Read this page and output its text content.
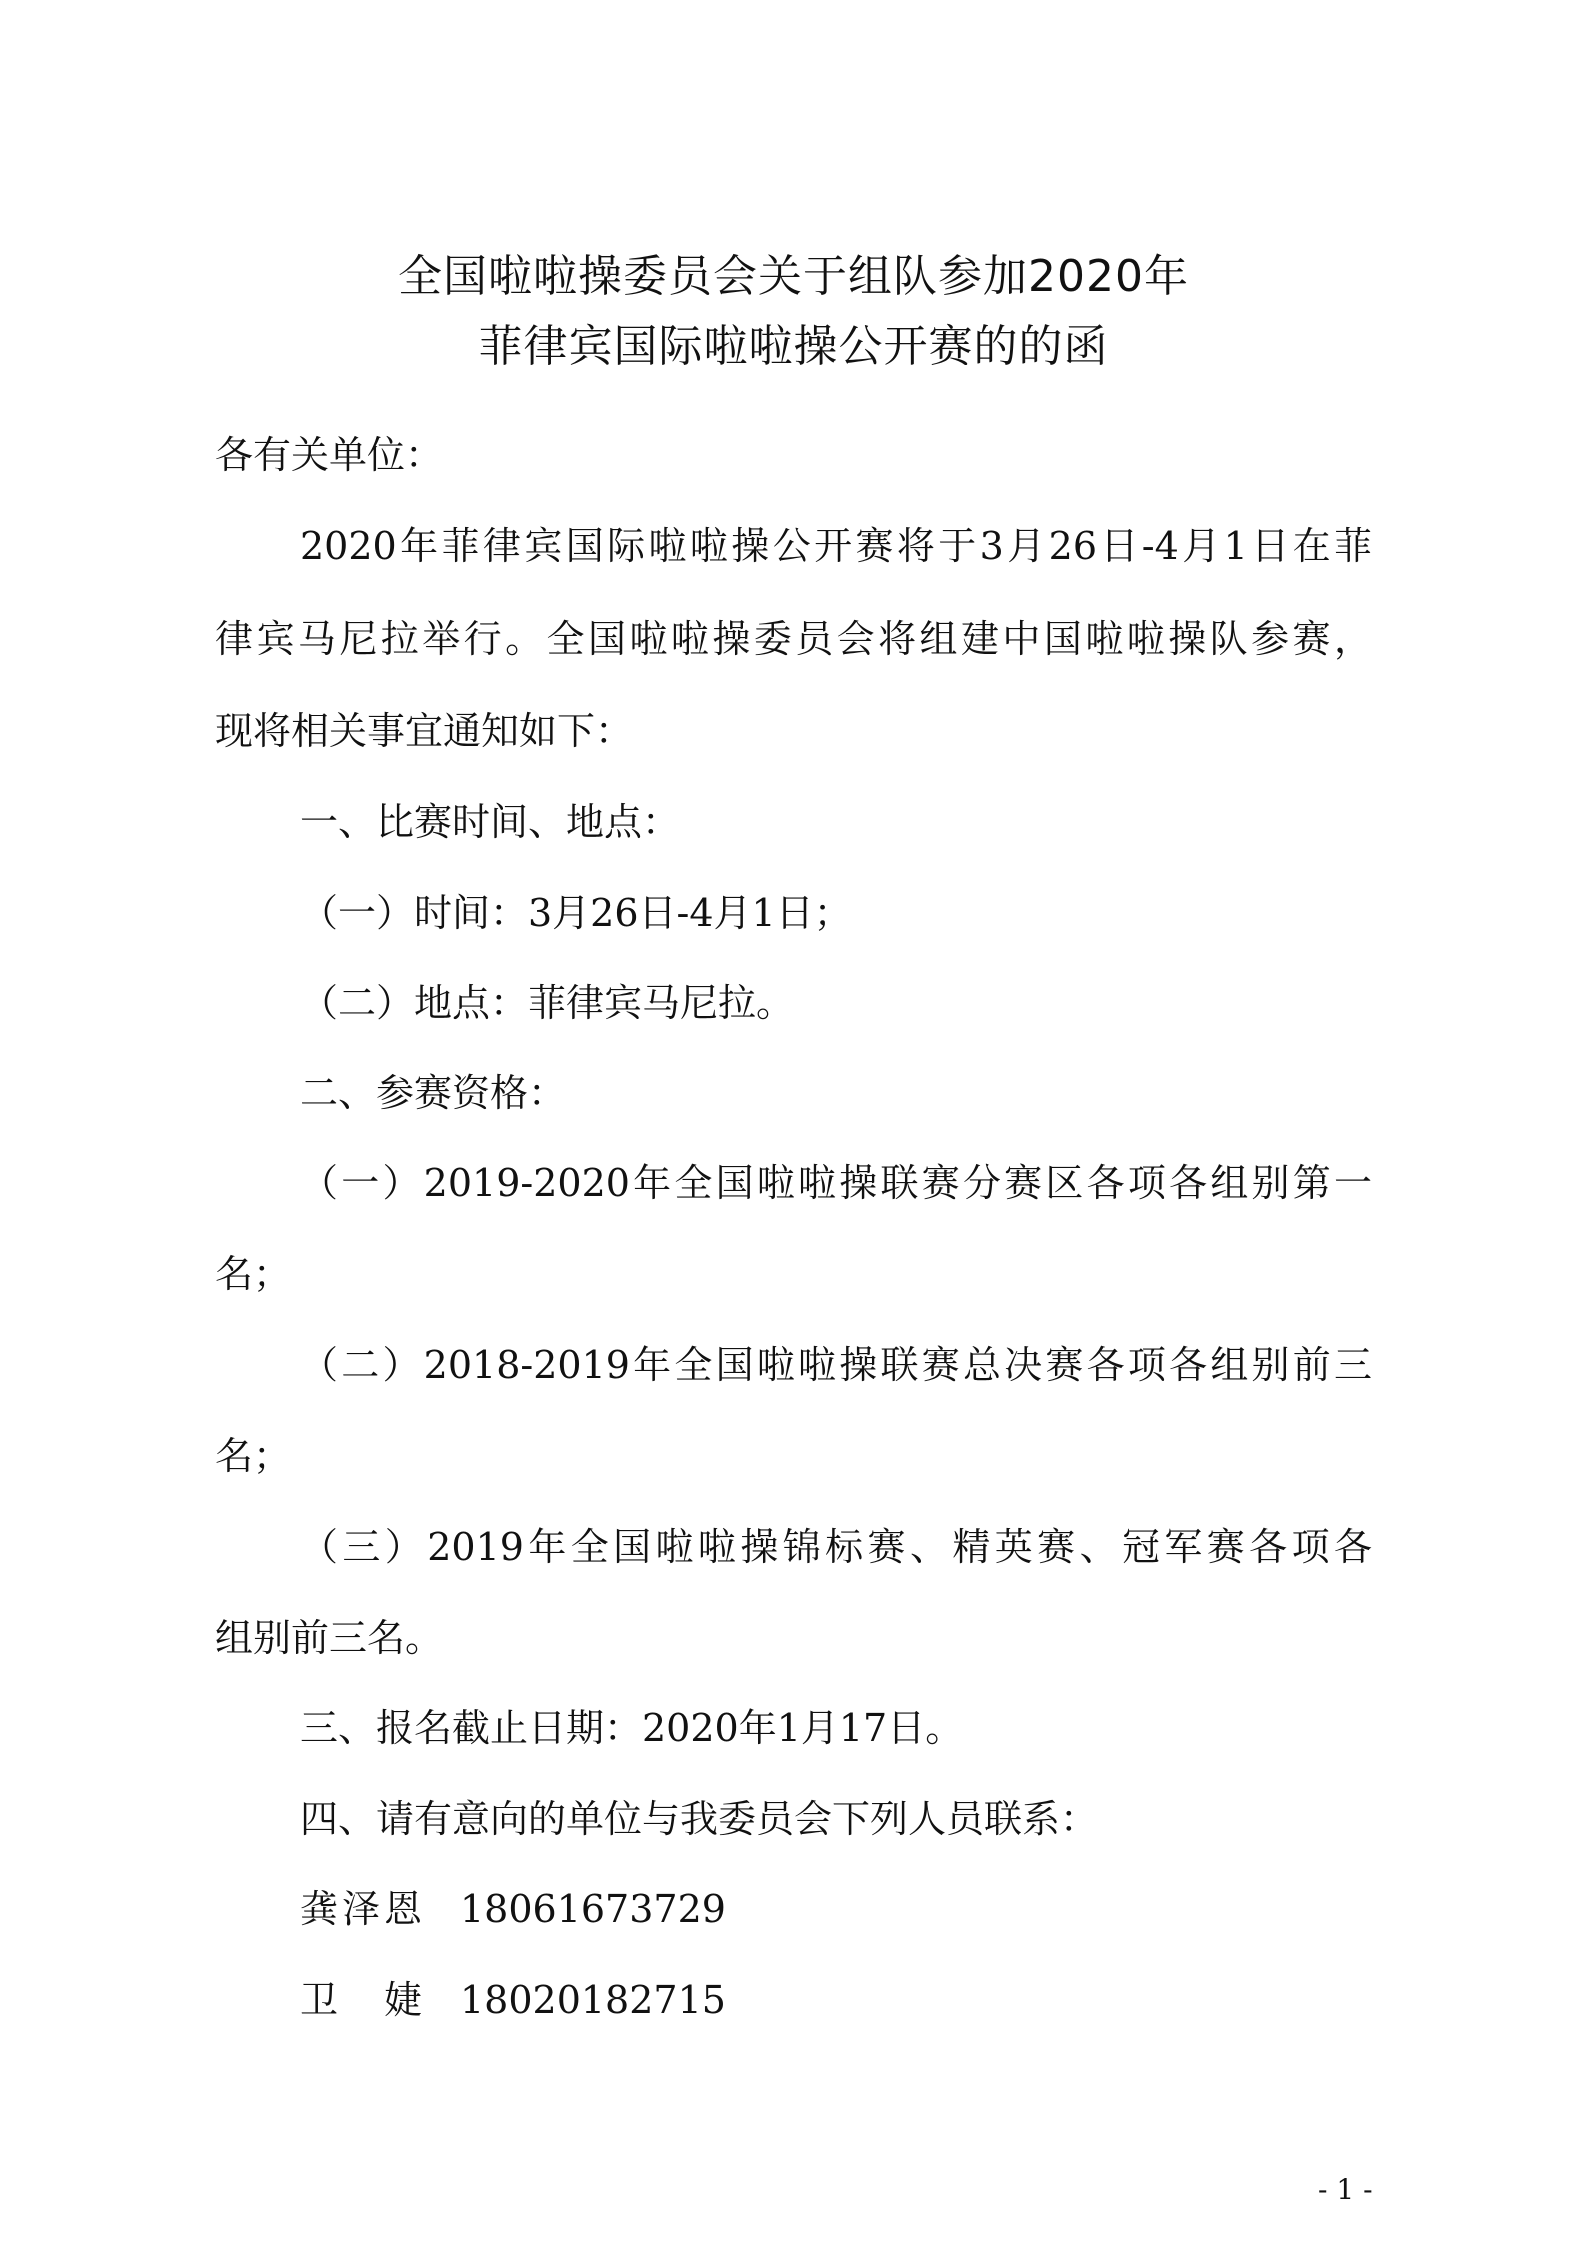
全国啦啦操委员会关于组队参加2020年
菲律宾国际啦啦操公开赛的的函
各有关单位：
2020年菲律宾国际啦啦操公开赛将于3月26日-4月1日在菲
律宾马尼拉举行。全国啦啦操委员会将组建中国啦啦操队参赛，
现将相关事宜通知如下：
一、比赛时间、地点：
（一）时间：3月26日-4月1日；
（二）地点：菲律宾马尼拉。
二、参赛资格：
（一）2019-2020年全国啦啦操联赛分赛区各项各组别第一
名；
（二）2018-2019年全国啦啦操联赛总决赛各项各组别前三
名；
（三）2019年全国啦啦操锦标赛、精英赛、冠军赛各项各
组别前三名。
三、报名截止日期：2020年1月17日。
四、请有意向的单位与我委员会下列人员联系：
龚泽恩 18061673729
卫　婕 18020182715
- 1 -
